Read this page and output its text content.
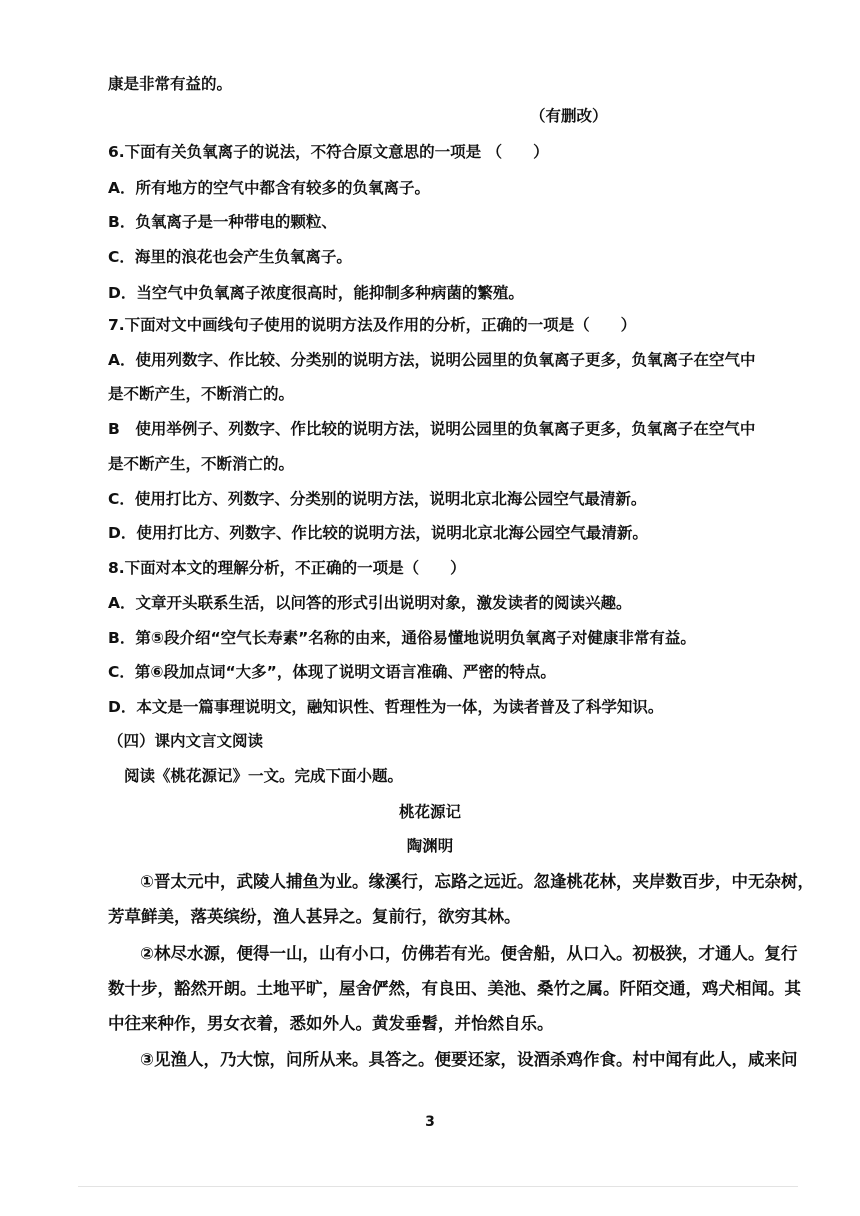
康是非常有益的。
（有删改）
6.下面有关负氧离子的说法，不符合原文意思的一项是 （　　）
A．所有地方的空气中都含有较多的负氧离子。
B．负氧离子是一种带电的颗粒、
C．海里的浪花也会产生负氧离子。
D．当空气中负氧离子浓度很高时，能抑制多种病菌的繁殖。
7.下面对文中画线句子使用的说明方法及作用的分析，正确的一项是（　　）
A．使用列数字、作比较、分类别的说明方法，说明公园里的负氧离子更多，负氧离子在空气中
是不断产生，不断消亡的。
B　使用举例子、列数字、作比较的说明方法，说明公园里的负氧离子更多，负氧离子在空气中
是不断产生，不断消亡的。
C．使用打比方、列数字、分类别的说明方法，说明北京北海公园空气最清新。
D．使用打比方、列数字、作比较的说明方法，说明北京北海公园空气最清新。
8.下面对本文的理解分析，不正确的一项是（　　）
A．文章开头联系生活，以问答的形式引出说明对象，激发读者的阅读兴趣。
B．第⑤段介绍“空气长寿素”名称的由来，通俗易懂地说明负氧离子对健康非常有益。
C．第⑥段加点词“大多”，体现了说明文语言准确、严密的特点。
D．本文是一篇事理说明文，融知识性、哲理性为一体，为读者普及了科学知识。
（四）课内文言文阅读
阅读《桃花源记》一文。完成下面小题。
桃花源记
陶渊明
①晋太元中，武陵人捕鱼为业。缘溪行，忘路之远近。忽逢桃花林，夹岸数百步，中无杂树，
芳草鲜美，落英缤纷，渔人甚异之。复前行，欲穷其林。
②林尽水源，便得一山，山有小口，仿佛若有光。便舍船，从口入。初极狭，才通人。复行
数十步，豁然开朗。土地平旷，屋舍俨然，有良田、美池、桑竹之属。阡陌交通，鸡犬相闻。其
中往来种作，男女衣着，悉如外人。黄发垂髫，并怡然自乐。
③见渔人，乃大惊，问所从来。具答之。便要还家，设酒杀鸡作食。村中闻有此人，咸来问
3
